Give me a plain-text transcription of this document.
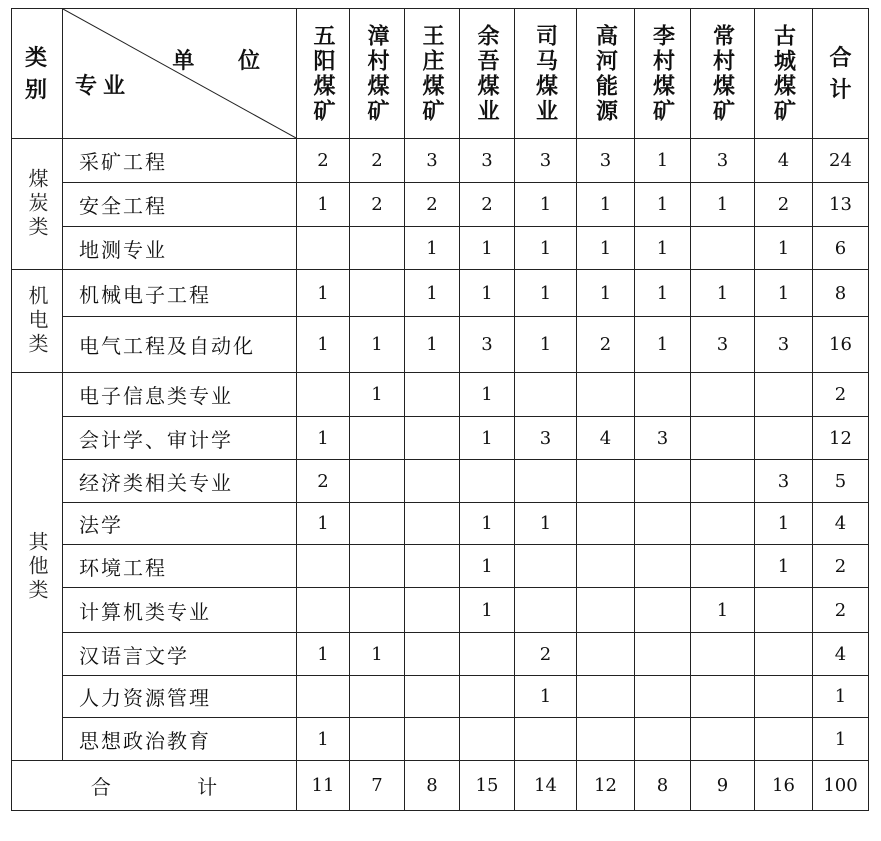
类别	单 位
专业	五阳煤矿	漳村煤矿	王庄煤矿	余吾煤业	司马煤业	高河能源	李村煤矿	常村煤矿	古城煤矿	合计
煤炭类	采矿工程	2	2	3	3	3	3	1	3	4	24
	安全工程	1	2	2	2	1	1	1	1	2	13
	地测专业			1	1	1	1	1		1	6
机电类	机械电子工程	1		1	1	1	1	1	1	1	8
	电气工程及自动化	1	1	1	3	1	2	1	3	3	16
其他类	电子信息类专业		1		1						2
	会计学、审计学	1			1	3	4	3			12
	经济类相关专业	2								3	5
	法学	1			1	1				1	4
	环境工程				1					1	2
	计算机类专业				1				1		2
	汉语言文学	1	1			2					4
	人力资源管理					1					1
	思想政治教育	1									1
合 计		11	7	8	15	14	12	8	9	16	100
